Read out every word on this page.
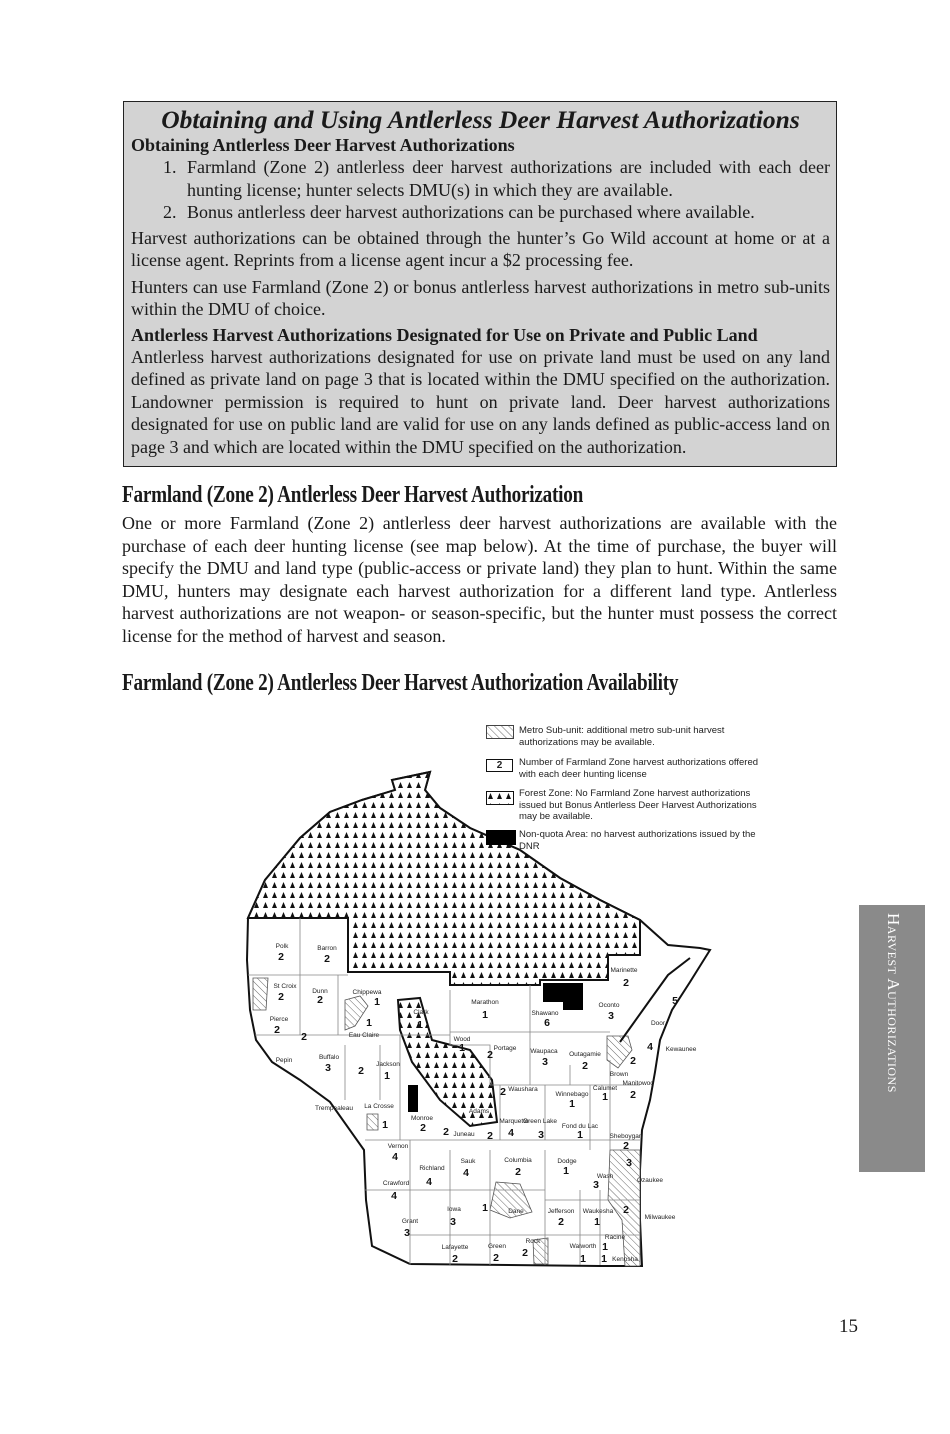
Obtaining and Using Antlerless Deer Harvest Authorizations
Obtaining Antlerless Deer Harvest Authorizations
1. Farmland (Zone 2) antlerless deer harvest authorizations are included with each deer hunting license; hunter selects DMU(s) in which they are available.
2. Bonus antlerless deer harvest authorizations can be purchased where available.

Harvest authorizations can be obtained through the hunter’s Go Wild account at home or at a license agent. Reprints from a license agent incur a $2 processing fee.

Hunters can use Farmland (Zone 2) or bonus antlerless harvest authorizations in metro sub-units within the DMU of choice.

Antlerless Harvest Authorizations Designated for Use on Private and Public Land

Antlerless harvest authorizations designated for use on private land must be used on any land defined as private land on page 3 that is located within the DMU specified on the authorization. Landowner permission is required to hunt on private land. Deer harvest authorizations designated for use on public land are valid for use on any lands defined as public-access land on page 3 and which are located within the DMU specified on the authorization.

Farmland (Zone 2) Antlerless Deer Harvest Authorization

One or more Farmland (Zone 2) antlerless deer harvest authorizations are available with the purchase of each deer hunting license (see map below). At the time of purchase, the buyer will specify the DMU and land type (public-access or private land) they plan to hunt. Within the same DMU, hunters may designate each harvest authorization for a different land type. Antlerless harvest authorizations are not weapon- or season-specific, but the hunter must possess the correct license for the method of harvest and season.

Farmland (Zone 2) Antlerless Deer Harvest Authorization Availability
Polk
2
Barron
2
St Croix
2	Dunn
2
Chippewa
1
Pierce
2	Eau Claire
1
Clark
1
Marathon
1	Shawano
6
Oconto
3
Marinette
2
Door
5
Kewaunee
4
Brown
2
Wood
1	Portage
2	Waupaca
3
Outagamie
2
Pepin
2
Buffalo
3
Trempealeau
2
Jackson
1
Waushara
2	Winnebago
1
Calumet
1
Manitowoc
2
Adams
2
La Crosse
1
Monroe
2
Juneau
2
Marquette
4
Green Lake
3
Fond du Lac
1	Sheboygan
2
Vernon
4
Richland
4
Sauk
4
Columbia
2
Dodge
1	Wash
3	Ozaukee
3
Crawford
4
Grant
3
Iowa
3
Dane
1	Jefferson
2
Waukesha
1	Milwaukee
2
Lafayette
2
Green
2
Rock
2
Walworth
1
Racine
1
Kenosha
1
Metro Sub-unit: additional metro sub-unit harvest authorizations may be available.
2	Number of Farmland Zone harvest authorizations offered with each deer hunting license
Forest Zone: No Farmland Zone harvest authorizations issued but Bonus Antlerless Deer Harvest Authorizations may be available.
Non-quota Area: no harvest authorizations issued by the DNR
Harvest Authorizations
15
